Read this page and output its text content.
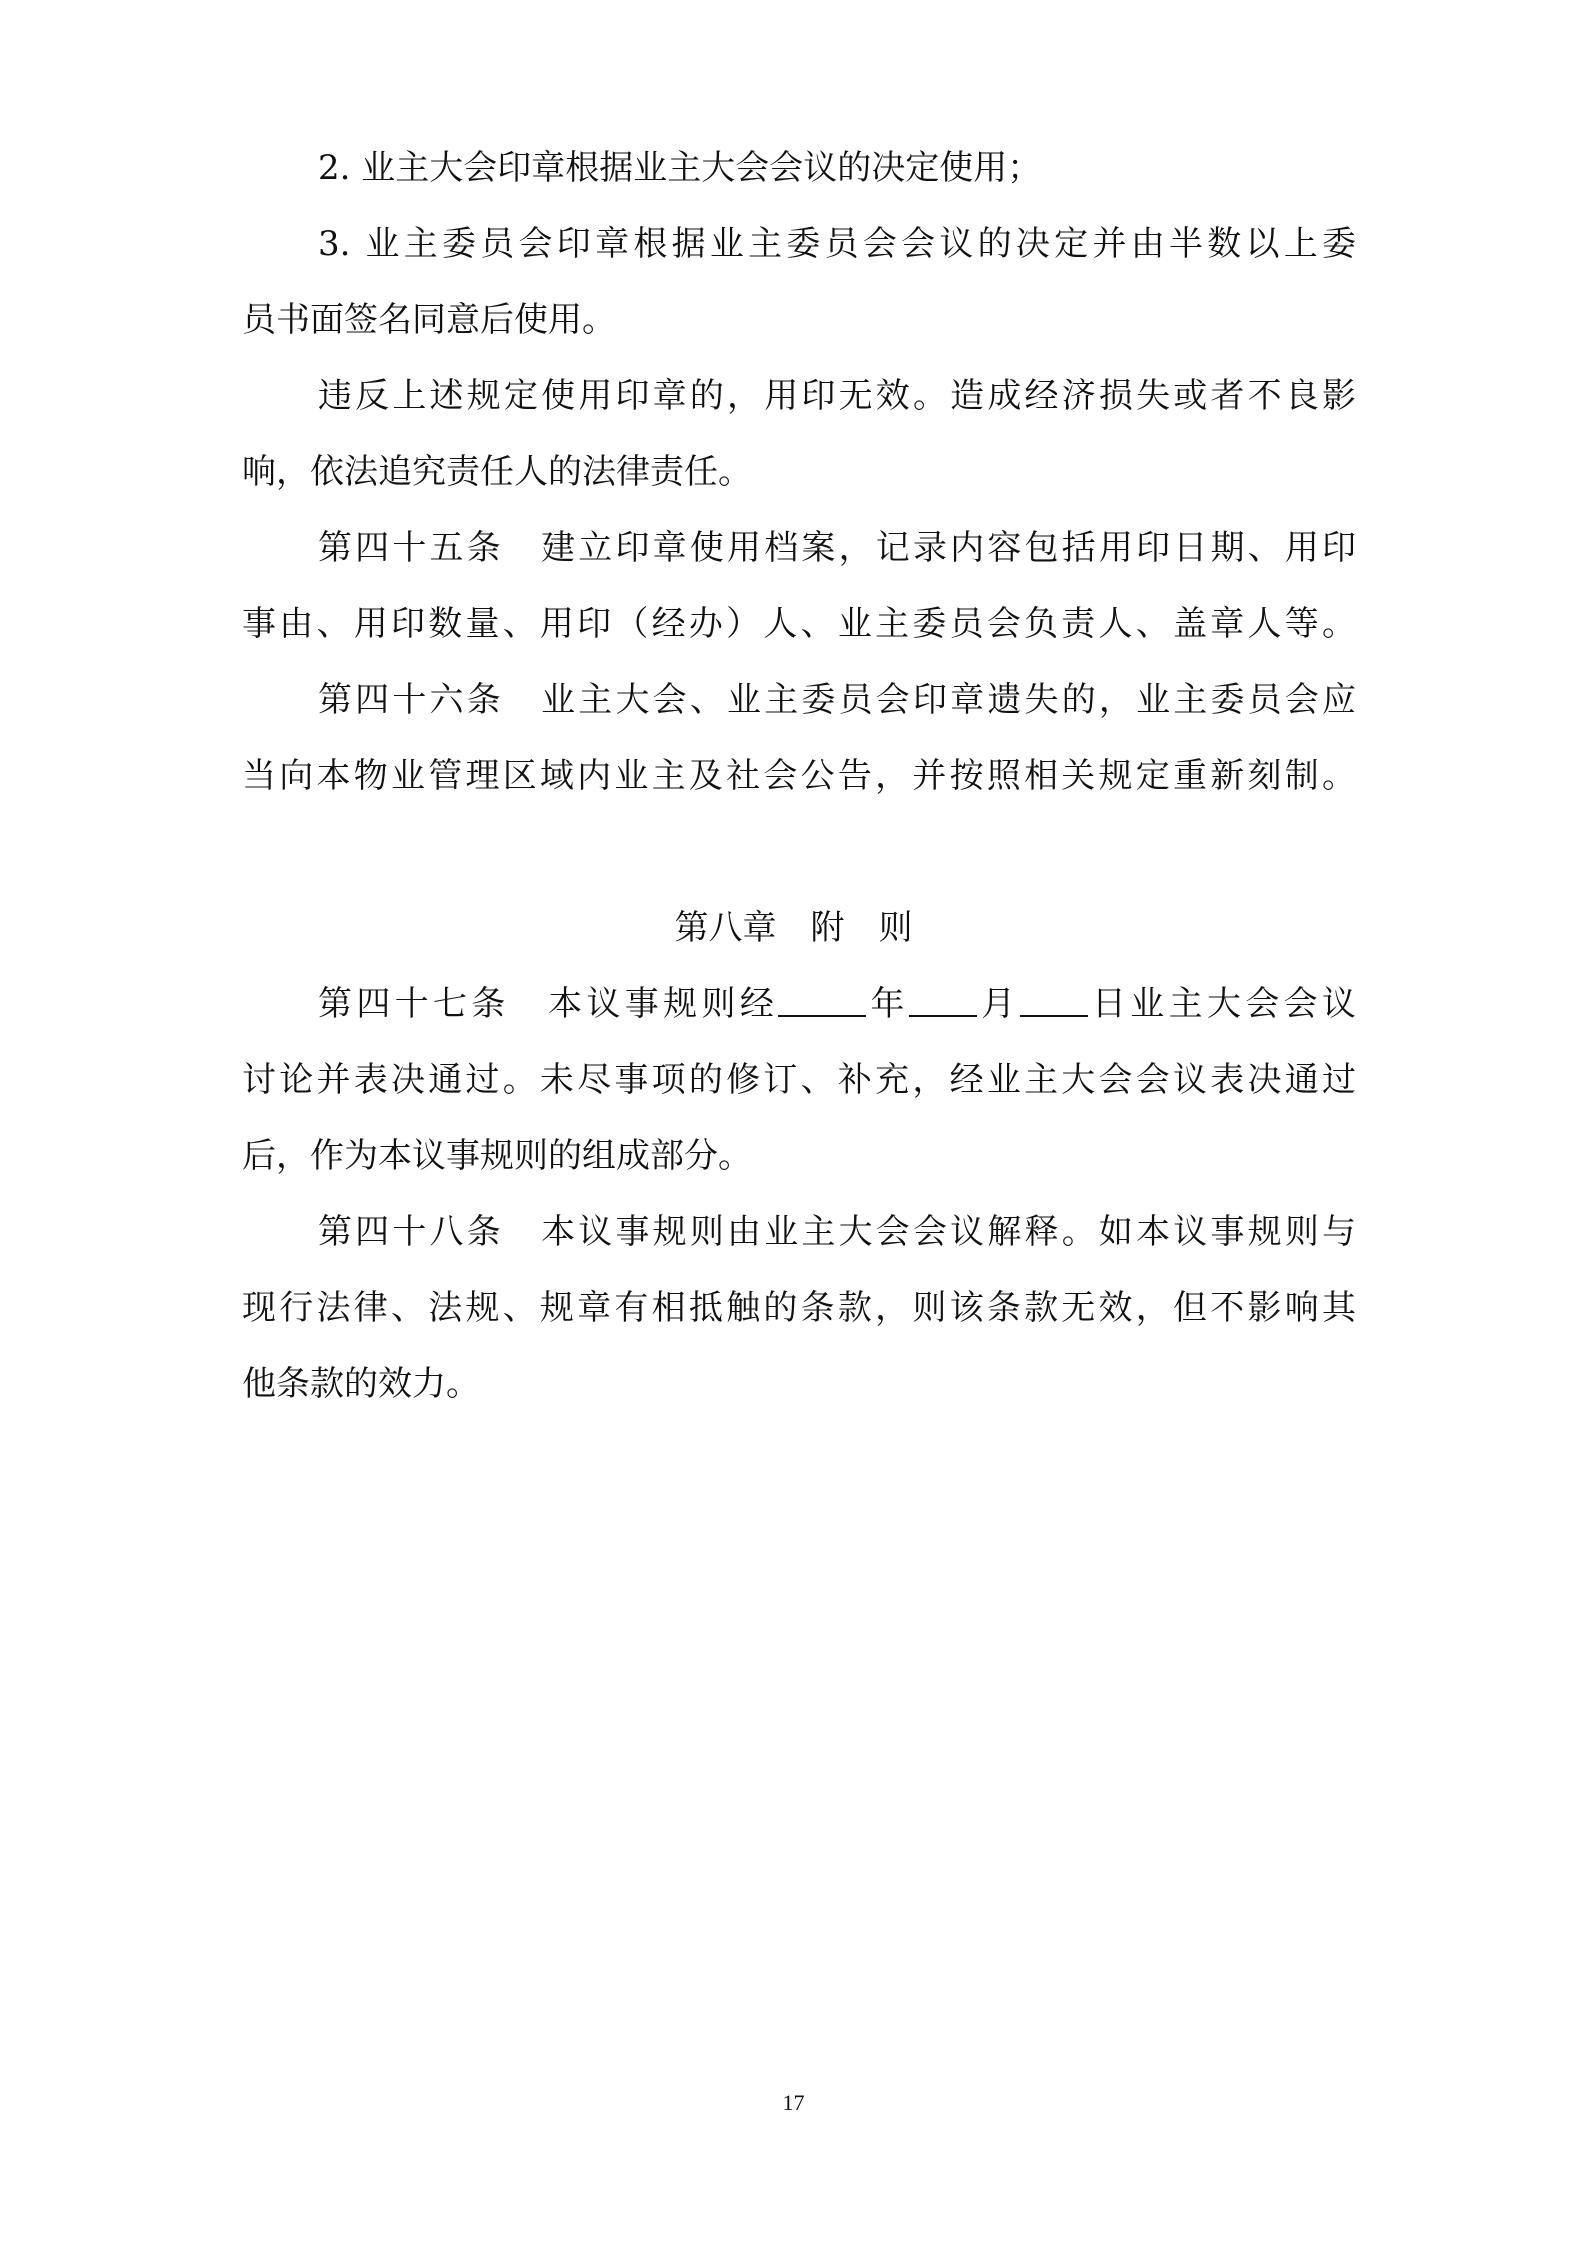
2. 业主大会印章根据业主大会会议的决定使用；
3. 业主委员会印章根据业主委员会会议的决定并由半数以上委
员书面签名同意后使用。
违反上述规定使用印章的，用印无效。造成经济损失或者不良影
响，依法追究责任人的法律责任。
第四十五条 建立印章使用档案，记录内容包括用印日期、用印
事由、用印数量、用印（经办）人、业主委员会负责人、盖章人等。
第四十六条 业主大会、业主委员会印章遗失的，业主委员会应
当向本物业管理区域内业主及社会公告，并按照相关规定重新刻制。
第八章　附　则
第四十七条 本议事规则经	年 月 日业主大会会议
讨论并表决通过。未尽事项的修订、补充，经业主大会会议表决通过
后，作为本议事规则的组成部分。
第四十八条 本议事规则由业主大会会议解释。如本议事规则与
现行法律、法规、规章有相抵触的条款，则该条款无效，但不影响其
他条款的效力。
17
